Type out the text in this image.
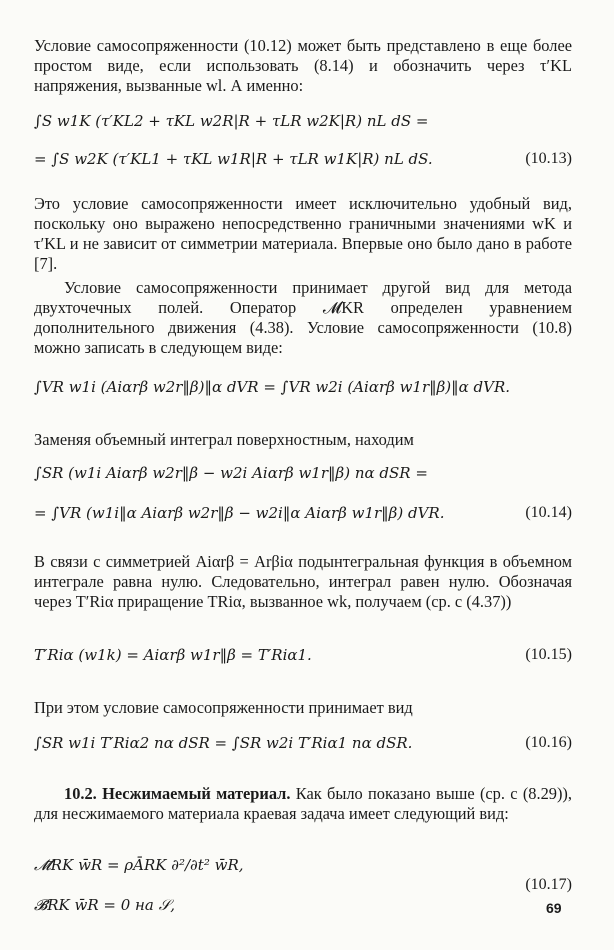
Условие самосопряженности (10.12) может быть представлено в еще более простом виде, если использовать (8.14) и обозначить через τ′KL напряжения, вызванные wl. А именно:

∫S w1K (τ′KL2 + τKL w2R|R + τLR w2K|R) nL dS =
= ∫S w2K (τ′KL1 + τKL w1R|R + τLR w1K|R) nL dS.	(10.13)

Это условие самосопряженности имеет исключительно удобный вид, поскольку оно выражено непосредственно граничными значениями wK и τ′KL и не зависит от симметрии материала. Впервые оно было дано в работе [7].

Условие самосопряженности принимает другой вид для метода двухточечных полей. Оператор 𝓜KR определен уравнением дополнительного движения (4.38). Условие самосопряженности (10.8) можно записать в следующем виде:

∫VR w1i (Aiαrβ w2r‖β)‖α dVR = ∫VR w2i (Aiαrβ w1r‖β)‖α dVR.

Заменяя объемный интеграл поверхностным, находим

∫SR (w1i Aiαrβ w2r‖β − w2i Aiαrβ w1r‖β) nα dSR =
= ∫VR (w1i‖α Aiαrβ w2r‖β − w2i‖α Aiαrβ w1r‖β) dVR.	(10.14)

В связи с симметрией Aiαrβ = Arβiα подынтегральная функция в объемном интеграле равна нулю. Следовательно, интеграл равен нулю. Обозначая через T′Riα приращение TRiα, вызванное wk, получаем (ср. с (4.37))

T′Riα (w1k) = Aiαrβ w1r‖β = T′Riα1.	(10.15)

При этом условие самосопряженности принимает вид

∫SR w1i T′Riα2 nα dSR = ∫SR w2i T′Riα1 nα dSR.	(10.16)

10.2. Несжимаемый материал. Как было показано выше (ср. с (8.29)), для несжимаемого материала краевая задача имеет следующий вид:

𝓜̄RK w̄R = ρĀRK ∂²/∂t² w̄R,
𝓑̄RK w̄R = 0 на 𝒮,
(10.17)
69
